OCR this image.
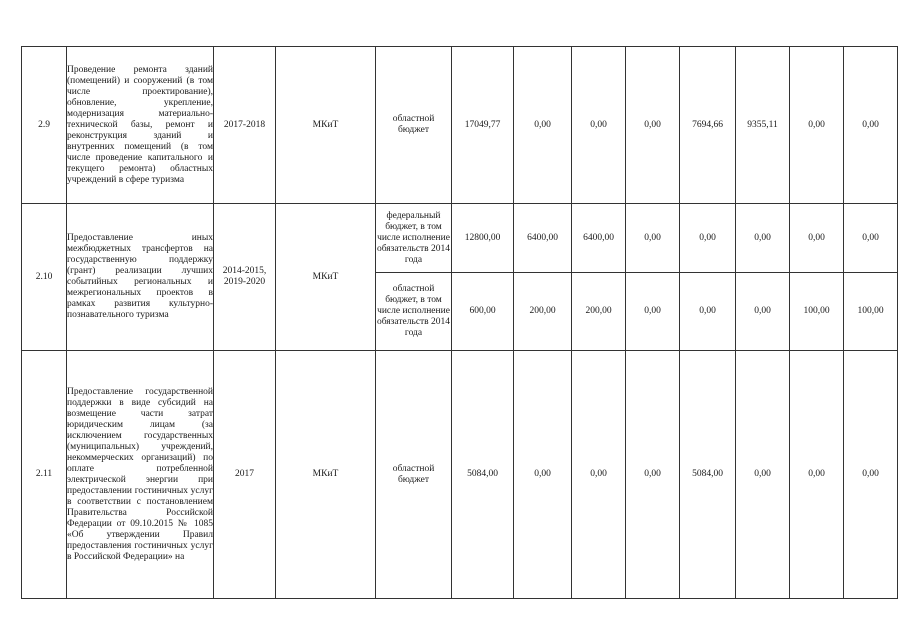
2.9	Проведение ремонта зданий (помещений) и сооружений (в том числе проектирование), обновление, укрепление, модернизация материально-технической базы, ремонт и реконструкция зданий и внутренних помещений (в том числе проведение капитального и текущего ремонта) областных учреждений в сфере туризма	2017-2018	МКиТ	областной бюджет	17049,77	0,00	0,00	0,00	7694,66	9355,11	0,00	0,00
2.10	Предоставление иных межбюджетных трансфертов на государственную поддержку (грант) реализации лучших событийных региональных и межрегиональных проектов в рамках развития культурно-познавательного туризма	2014-2015, 2019-2020	МКиТ	федеральный бюджет, в том числе исполнение обязательств 2014 года	12800,00	6400,00	6400,00	0,00	0,00	0,00	0,00	0,00
				областной бюджет, в том числе исполнение обязательств 2014 года	600,00	200,00	200,00	0,00	0,00	0,00	100,00	100,00
2.11	Предоставление государственной поддержки в виде субсидий на возмещение части затрат юридическим лицам (за исключением государственных (муниципальных) учреждений, некоммерческих организаций) по оплате потребленной электрической энергии при предоставлении гостиничных услуг в соответствии с постановлением Правительства Российской Федерации от 09.10.2015 № 1085 «Об утверждении Правил предоставления гостиничных услуг в Российской Федерации» на	2017	МКиТ	областной бюджет	5084,00	0,00	0,00	0,00	5084,00	0,00	0,00	0,00
